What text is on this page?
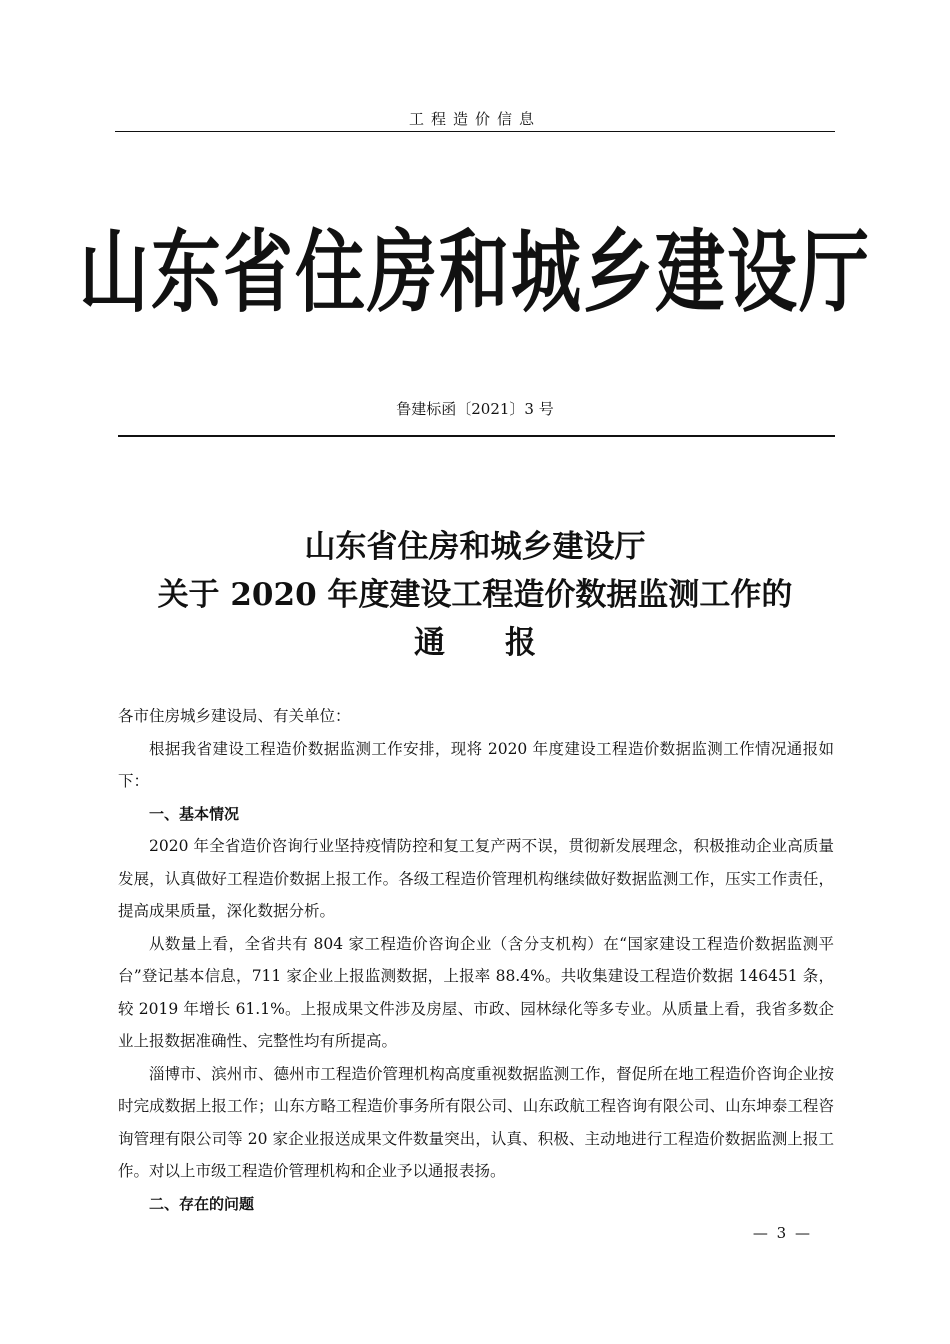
工程造价信息
山东省住房和城乡建设厅
鲁建标函〔2021〕3 号
山东省住房和城乡建设厅
关于 2020 年度建设工程造价数据监测工作的
通报

各市住房城乡建设局、有关单位：

根据我省建设工程造价数据监测工作安排，现将 2020 年度建设工程造价数据监测工作情况通报如下：

一、基本情况

2020 年全省造价咨询行业坚持疫情防控和复工复产两不误，贯彻新发展理念，积极推动企业高质量发展，认真做好工程造价数据上报工作。各级工程造价管理机构继续做好数据监测工作，压实工作责任，提高成果质量，深化数据分析。

从数量上看，全省共有 804 家工程造价咨询企业（含分支机构）在“国家建设工程造价数据监测平台”登记基本信息，711 家企业上报监测数据，上报率 88.4%。共收集建设工程造价数据 146451 条，较 2019 年增长 61.1%。上报成果文件涉及房屋、市政、园林绿化等多专业。从质量上看，我省多数企业上报数据准确性、完整性均有所提高。

淄博市、滨州市、德州市工程造价管理机构高度重视数据监测工作，督促所在地工程造价咨询企业按时完成数据上报工作；山东方略工程造价事务所有限公司、山东政航工程咨询有限公司、山东坤泰工程咨询管理有限公司等 20 家企业报送成果文件数量突出，认真、积极、主动地进行工程造价数据监测上报工作。对以上市级工程造价管理机构和企业予以通报表扬。

二、存在的问题

— 3 —
